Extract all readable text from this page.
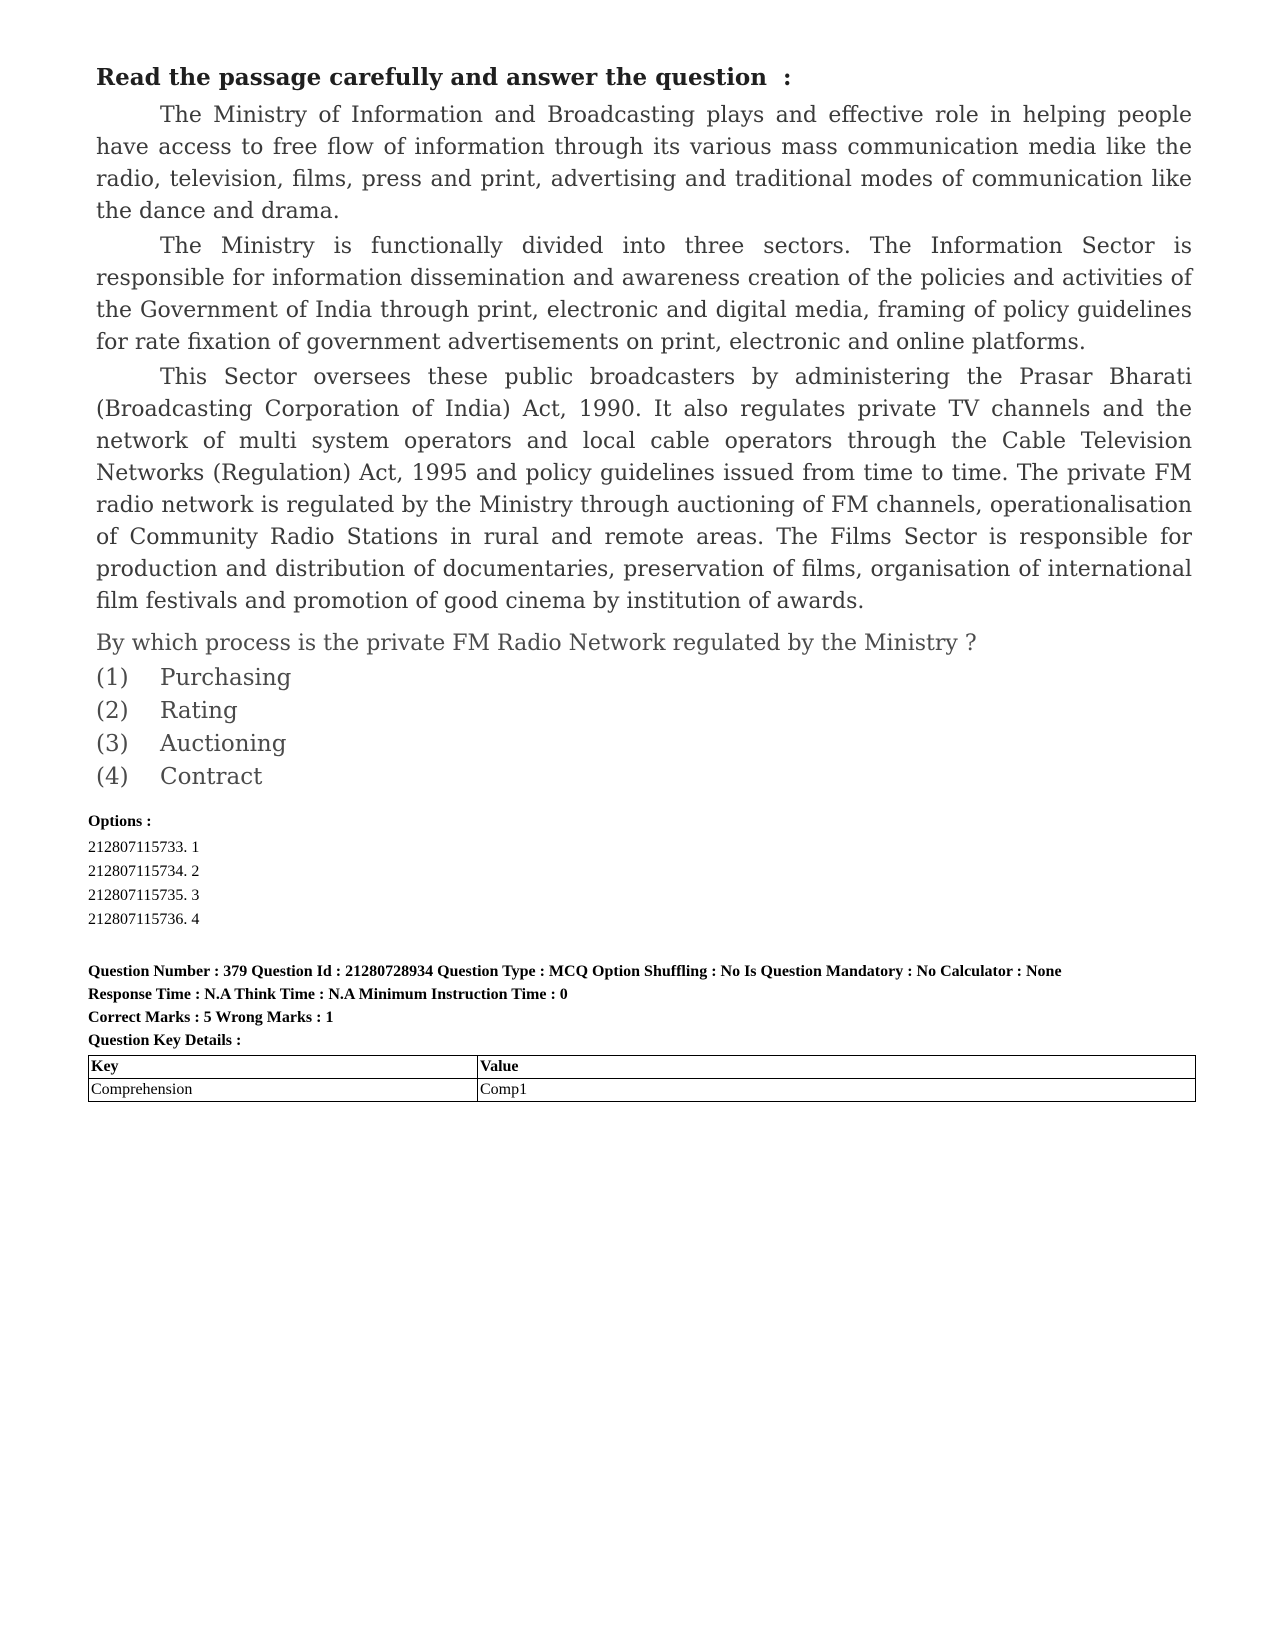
Read the passage carefully and answer the question  :

The Ministry of Information and Broadcasting plays and effective role in helping people have access to free flow of information through its various mass communication media like the radio, television, films, press and print, advertising and traditional modes of communication like the dance and drama.

The Ministry is functionally divided into three sectors. The Information Sector is responsible for information dissemination and awareness creation of the policies and activities of the Government of India through print, electronic and digital media, framing of policy guidelines for rate fixation of government advertisements on print, electronic and online platforms.

This Sector oversees these public broadcasters by administering the Prasar Bharati (Broadcasting Corporation of India) Act, 1990. It also regulates private TV channels and the network of multi system operators and local cable operators through the Cable Television Networks (Regulation) Act, 1995 and policy guidelines issued from time to time. The private FM radio network is regulated by the Ministry through auctioning of FM channels, operationalisation of Community Radio Stations in rural and remote areas. The Films Sector is responsible for production and distribution of documentaries, preservation of films, organisation of international film festivals and promotion of good cinema by institution of awards.

By which process is the private FM Radio Network regulated by the Ministry ?

(1)	Purchasing
(2)	Rating
(3)	Auctioning
(4)	Contract
Options :

212807115733. 1

212807115734. 2

212807115735. 3

212807115736. 4

Question Number : 379 Question Id : 21280728934 Question Type : MCQ Option Shuffling : No Is Question Mandatory : No Calculator : None

Response Time : N.A Think Time : N.A Minimum Instruction Time : 0

Correct Marks : 5 Wrong Marks : 1

Question Key Details :

Key	Value
Comprehension	Comp1
